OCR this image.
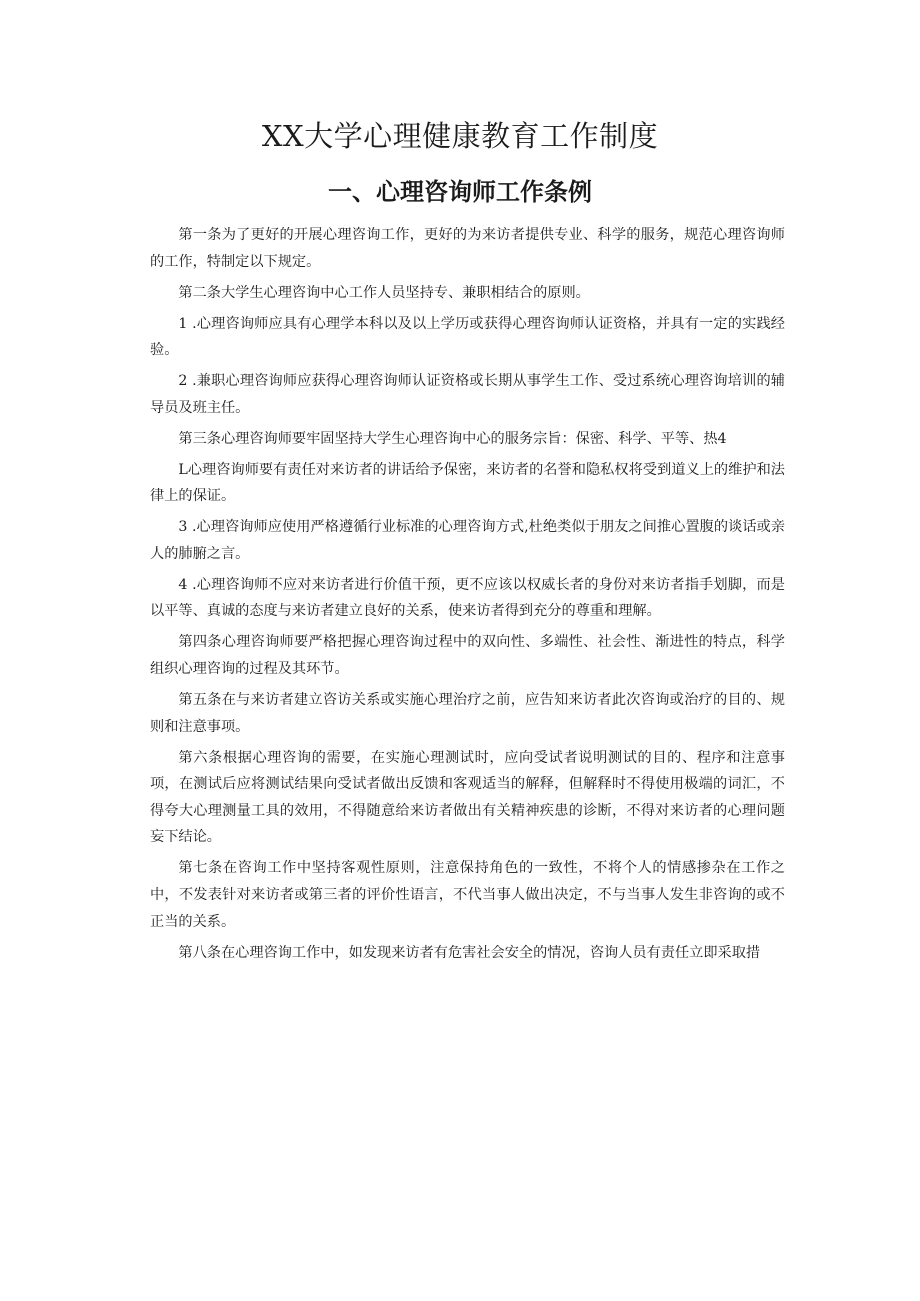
XX大学心理健康教育工作制度
一、心理咨询师工作条例

第一条为了更好的开展心理咨询工作，更好的为来访者提供专业、科学的服务，规范心理咨询师的工作，特制定以下规定。

第二条大学生心理咨询中心工作人员坚持专、兼职相结合的原则。

1 .心理咨询师应具有心理学本科以及以上学历或获得心理咨询师认证资格，并具有一定的实践经验。

2 .兼职心理咨询师应获得心理咨询师认证资格或长期从事学生工作、受过系统心理咨询培训的辅导员及班主任。

第三条心理咨询师要牢固坚持大学生心理咨询中心的服务宗旨：保密、科学、平等、热4

L心理咨询师要有责任对来访者的讲话给予保密，来访者的名誉和隐私权将受到道义上的维护和法律上的保证。

3 .心理咨询师应使用严格遵循行业标准的心理咨询方式,杜绝类似于朋友之间推心置腹的谈话或亲人的肺腑之言。

4 .心理咨询师不应对来访者进行价值干预，更不应该以权威长者的身份对来访者指手划脚，而是以平等、真诚的态度与来访者建立良好的关系，使来访者得到充分的尊重和理解。

第四条心理咨询师要严格把握心理咨询过程中的双向性、多端性、社会性、渐进性的特点，科学组织心理咨询的过程及其环节。

第五条在与来访者建立咨访关系或实施心理治疗之前，应告知来访者此次咨询或治疗的目的、规则和注意事项。

第六条根据心理咨询的需要，在实施心理测试时，应向受试者说明测试的目的、程序和注意事项，在测试后应将测试结果向受试者做出反馈和客观适当的解释，但解释时不得使用极端的词汇，不得夸大心理测量工具的效用，不得随意给来访者做出有关精神疾患的诊断，不得对来访者的心理问题妄下结论。

第七条在咨询工作中坚持客观性原则，注意保持角色的一致性，不将个人的情感掺杂在工作之中，不发表针对来访者或第三者的评价性语言，不代当事人做出决定，不与当事人发生非咨询的或不正当的关系。

第八条在心理咨询工作中，如发现来访者有危害社会安全的情况，咨询人员有责任立即采取措
